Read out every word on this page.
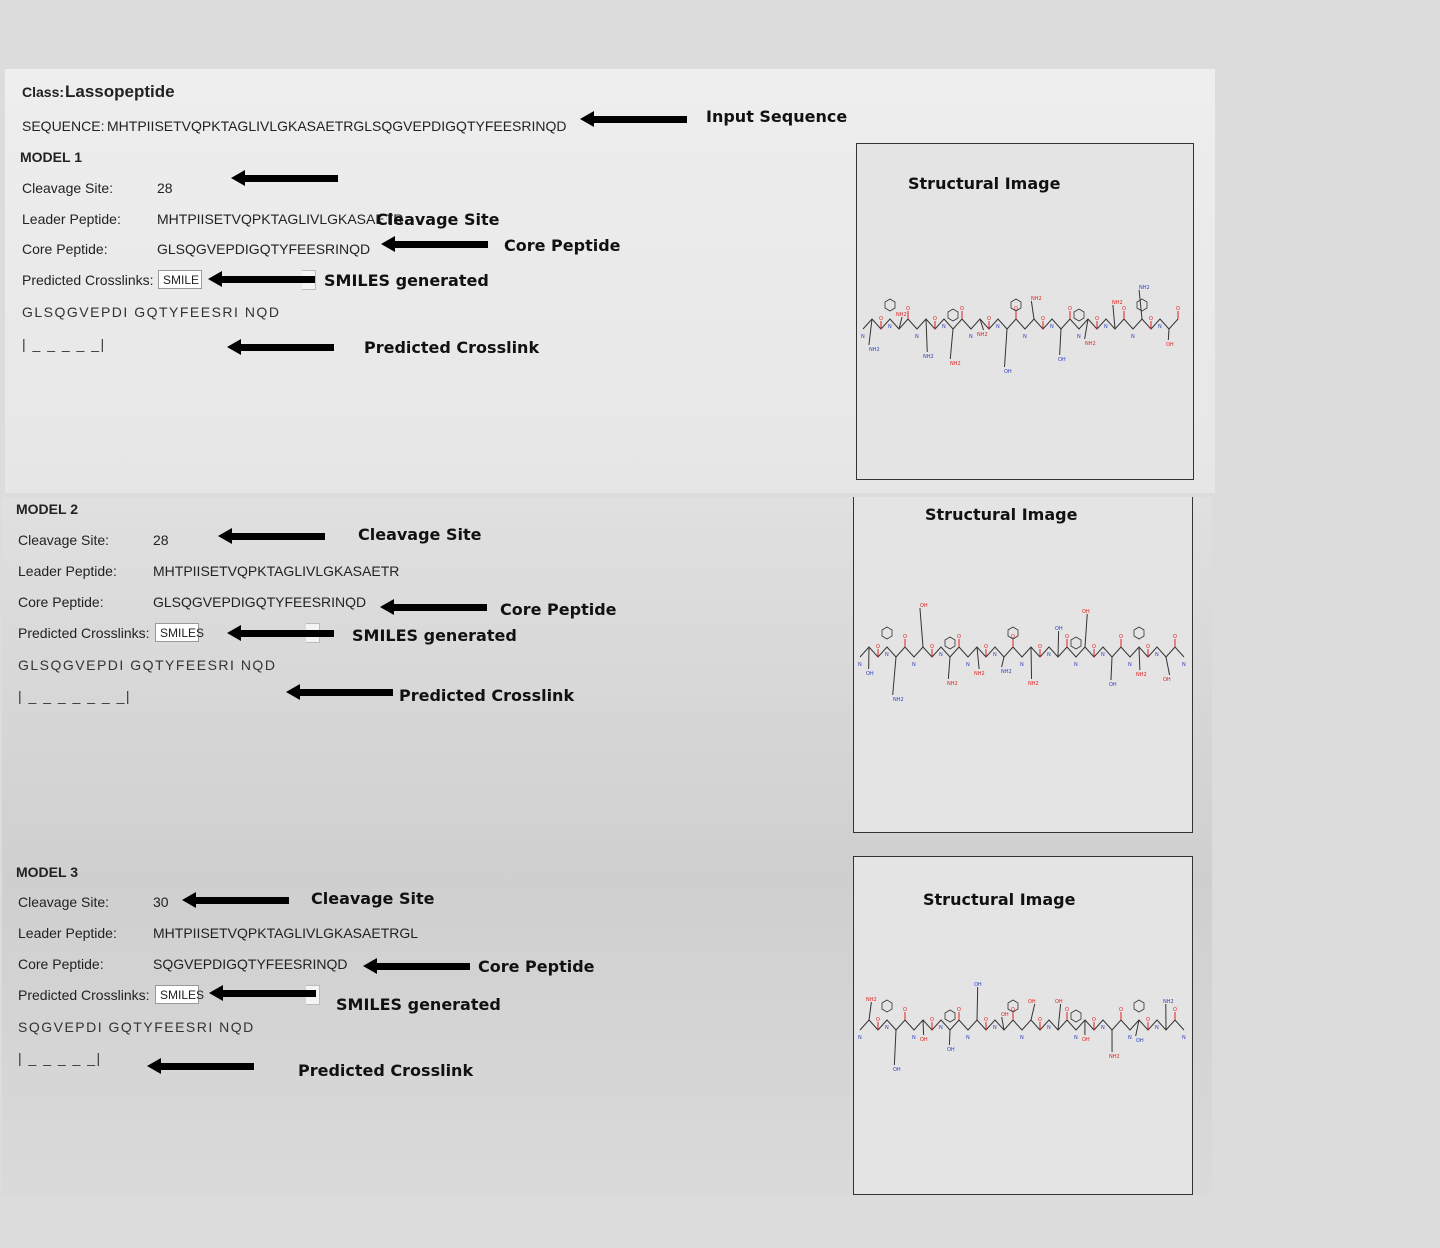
Class: Lassopeptide
SEQUENCE: MHTPIISETVQPKTAGLIVLGKASAETRGLSQGVEPDIGQTYFEESRINQD	Input Sequence
MODEL 1
Cleavage Site:	28
Leader Peptide:	MHTPIISETVQPKTAGLIVLGKASAETR
Cleavage Site
Core Peptide:	GLSQGVEPDIGQTYFEESRINQD	Core Peptide
Predicted Crosslinks: SMILE	SMILES generated
GLSQGVEPDI GQTYFEESRI NQD
| _ _ _ _ _|	Predicted Crosslink
Structural Image
N
NH2
O
N
NH2
O
N
NH2
O
N
NH2
O
N NH2
O
N
OH
O
N
NH2
O
N
OH
O
N
NH2
O
N
NH2
O
N
NH2
O
N
OH
O
MODEL 2
Cleavage Site:	28	Cleavage Site
Leader Peptide:	MHTPIISETVQPKTAGLIVLGKASAETR
Core Peptide:	GLSQGVEPDIGQTYFEESRINQD	Core Peptide
Predicted Crosslinks: SMILES	SMILES generated
GLSQGVEPDI GQTYFEESRI NQD
| _ _ _ _ _ _ _|	Predicted Crosslink
Structural Image
N
OH
O
N
NH2
O
N
OH
O
N
NH2
O
N
NH2
O
N
NH2
O
N
NH2
O
N
OH
O
N
OH
O
N
OH
O
N
NH2
O
N
OH
O
N
MODEL 3
Cleavage Site:	30	Cleavage Site
Leader Peptide:	MHTPIISETVQPKTAGLIVLGKASAETRGL
Core Peptide:	SQGVEPDIGQTYFEESRINQD	Core Peptide
Predicted Crosslinks: SMILES	SMILES generated
SQGVEPDI GQTYFEESRI NQD
| _ _ _ _ _|
Predicted Crosslink
Structural Image
N
NH2
O
N
OH
O
N OH
O
N
OH
O
N
OH
O
N
OH
O
N
OH
O
N
OH
O
N OH
O
N
NH2
O
N OH
O
N
NH2
O
N
